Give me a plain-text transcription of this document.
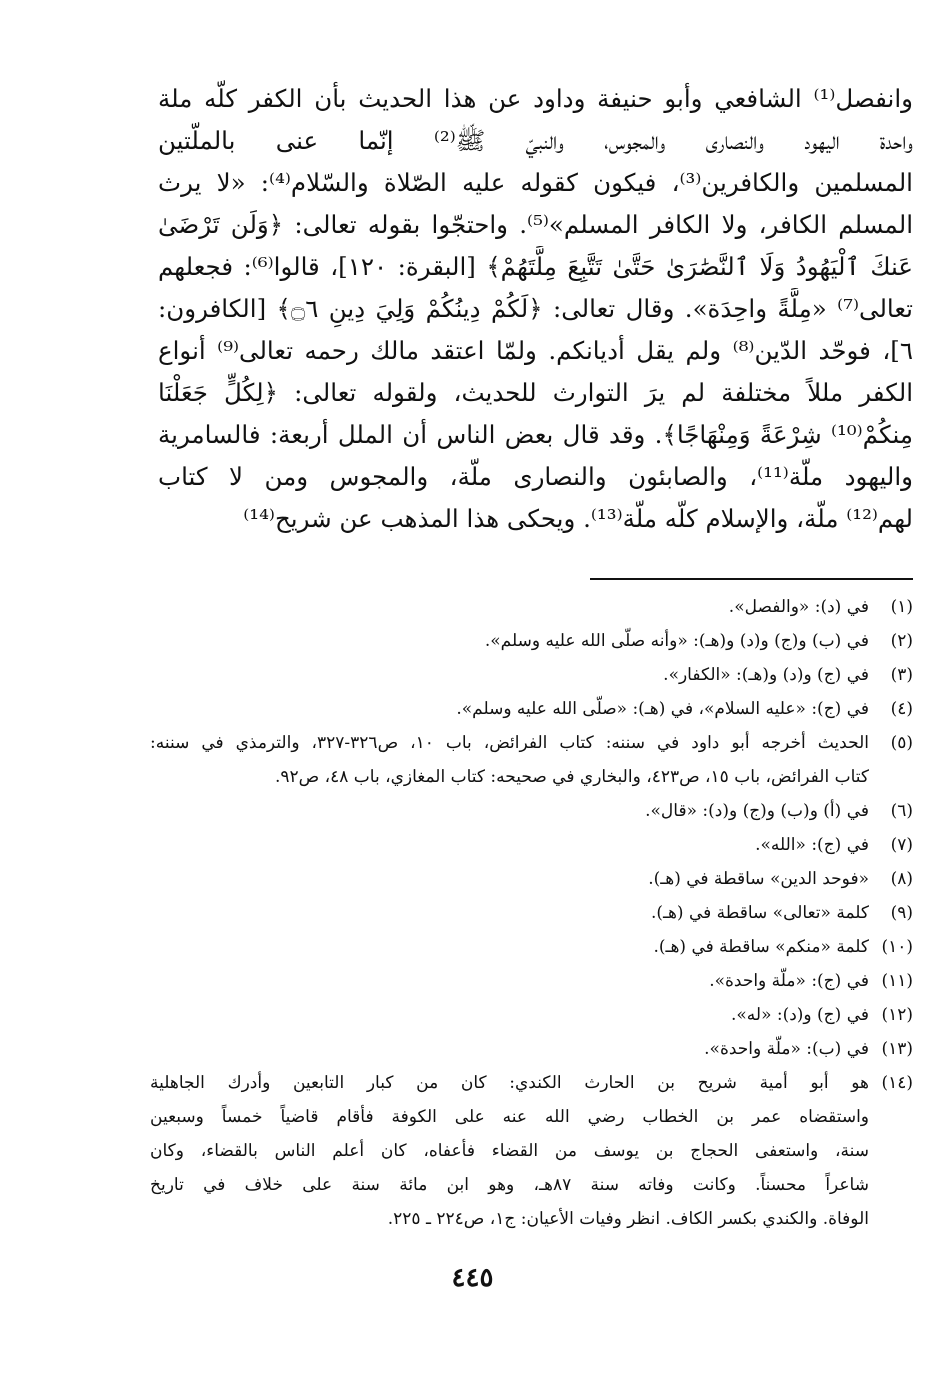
وانفصل⁽¹⁾ الشافعي وأبو حنيفة وداود عن هذا الحديث بأن الكفر كلّه ملة
واحدة اليهود والنصارى والمجوس، والنبيّ ﷺ⁽²⁾ إنّما عنى بالملّتين
المسلمين والكافرين⁽³⁾، فيكون كقوله عليه الصّلاة والسّلام⁽⁴⁾: «لا يرث
المسلم الكافر، ولا الكافر المسلم»⁽⁵⁾. واحتجّوا بقوله تعالى: ﴿وَلَن تَرْضَىٰ
عَنكَ ٱلْيَهُودُ وَلَا ٱلنَّصَٰرَىٰ حَتَّىٰ تَتَّبِعَ مِلَّتَهُمْ﴾ [البقرة: ١٢٠]، قالوا⁽⁶⁾: فجعلهم
تعالى⁽⁷⁾ «مِلَّةً واحِدَة». وقال تعالى: ﴿لَكُمْ دِينُكُمْ وَلِيَ دِينِ ۝٦﴾ [الكافرون:
٦]، فوحّد الدّين⁽⁸⁾ ولم يقل أديانكم. ولمّا اعتقد مالك رحمه تعالى⁽⁹⁾ أنواع
الكفر مللاً مختلفة لم يرَ التوارث للحديث، ولقوله تعالى: ﴿لِكُلٍّ جَعَلْنَا
مِنكُمْ⁽¹⁰⁾ شِرْعَةً وَمِنْهَاجًا﴾. وقد قال بعض الناس أن الملل أربعة: فالسامرية
واليهود ملّة⁽¹¹⁾، والصابئون والنصارى ملّة، والمجوس ومن لا كتاب
لهم⁽¹²⁾ ملّة، والإسلام كلّه ملّة⁽¹³⁾. ويحكى هذا المذهب عن شريح⁽¹⁴⁾
(١)
في (د): «والفصل».
(٢)
في (ب) و(ج) و(د) و(هـ): «وأنه صلّى الله عليه وسلم».
(٣)
في (ج) و(د) و(هـ): «الكفار».
(٤)
في (ج): «عليه السلام»، في (هـ): «صلّى الله عليه وسلم».
(٥)
الحديث أخرجه أبو داود في سننه: كتاب الفرائض، باب ١٠، ص٣٢٦-٣٢٧، والترمذي في سننه:
كتاب الفرائض، باب ١٥، ص٤٢٣، والبخاري في صحيحه: كتاب المغازي، باب ٤٨، ص٩٢.
(٦)
في (أ) و(ب) و(ج) و(د): «قال».
(٧)
في (ج): «الله».
(٨)
«فوحد الدين» ساقطة في (هـ).
(٩)
كلمة «تعالى» ساقطة في (هـ).
(١٠)
كلمة «منكم» ساقطة في (هـ).
(١١)
في (ج): «ملّة واحدة».
(١٢)
في (ج) و(د): «له».
(١٣)
في (ب): «ملّة واحدة».
(١٤)
هو أبو أمية شريح بن الحارث الكندي: كان من كبار التابعين وأدرك الجاهلية
واستقضاه عمر بن الخطاب رضي الله عنه على الكوفة فأقام قاضياً خمساً وسبعين
سنة، واستعفى الحجاج بن يوسف من القضاء فأعفاه، كان أعلم الناس بالقضاء، وكان
شاعراً محسناً. وكانت وفاته سنة ٨٧هـ، وهو ابن مائة سنة على خلاف في تاريخ
الوفاة. والكندي بكسر الكاف. انظر وفيات الأعيان: ج١، ص٢٢٤ ـ ٢٢٥.
٤٤٥
